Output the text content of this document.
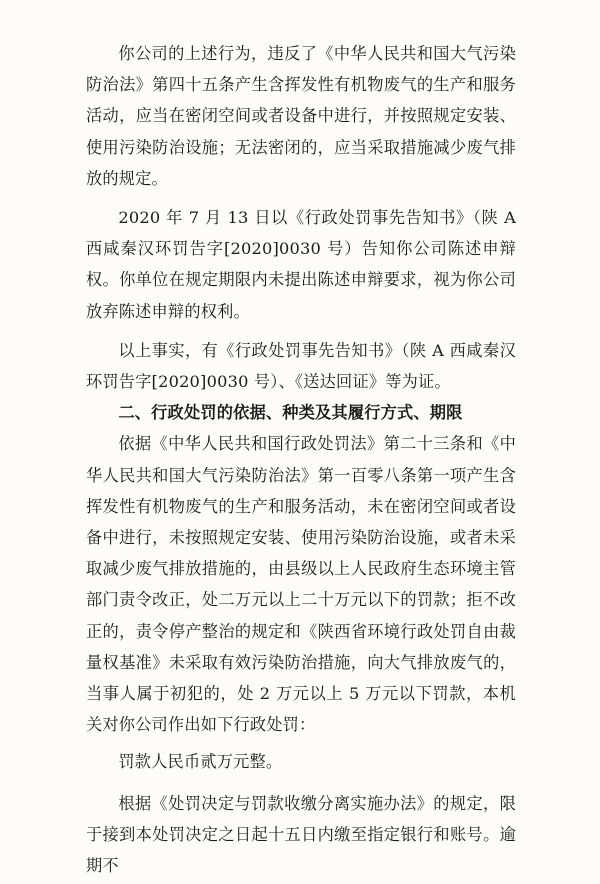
你公司的上述行为，违反了《中华人民共和国大气污染防治法》第四十五条产生含挥发性有机物废气的生产和服务活动，应当在密闭空间或者设备中进行，并按照规定安装、使用污染防治设施；无法密闭的，应当采取措施减少废气排放的规定。

2020 年 7 月 13 日以《行政处罚事先告知书》（陕 A 西咸秦汉环罚告字[2020]0030 号）告知你公司陈述申辩权。你单位在规定期限内未提出陈述申辩要求，视为你公司放弃陈述申辩的权利。

以上事实，有《行政处罚事先告知书》（陕 A 西咸秦汉环罚告字[2020]0030 号）、《送达回证》等为证。

二、行政处罚的依据、种类及其履行方式、期限

依据《中华人民共和国行政处罚法》第二十三条和《中华人民共和国大气污染防治法》第一百零八条第一项产生含挥发性有机物废气的生产和服务活动，未在密闭空间或者设备中进行，未按照规定安装、使用污染防治设施，或者未采取减少废气排放措施的，由县级以上人民政府生态环境主管部门责令改正，处二万元以上二十万元以下的罚款；拒不改正的，责令停产整治的规定和《陕西省环境行政处罚自由裁量权基准》未采取有效污染防治措施，向大气排放废气的，当事人属于初犯的，处 2 万元以上 5 万元以下罚款，本机关对你公司作出如下行政处罚：

罚款人民币贰万元整。

根据《处罚决定与罚款收缴分离实施办法》的规定，限于接到本处罚决定之日起十五日内缴至指定银行和账号。逾期不
